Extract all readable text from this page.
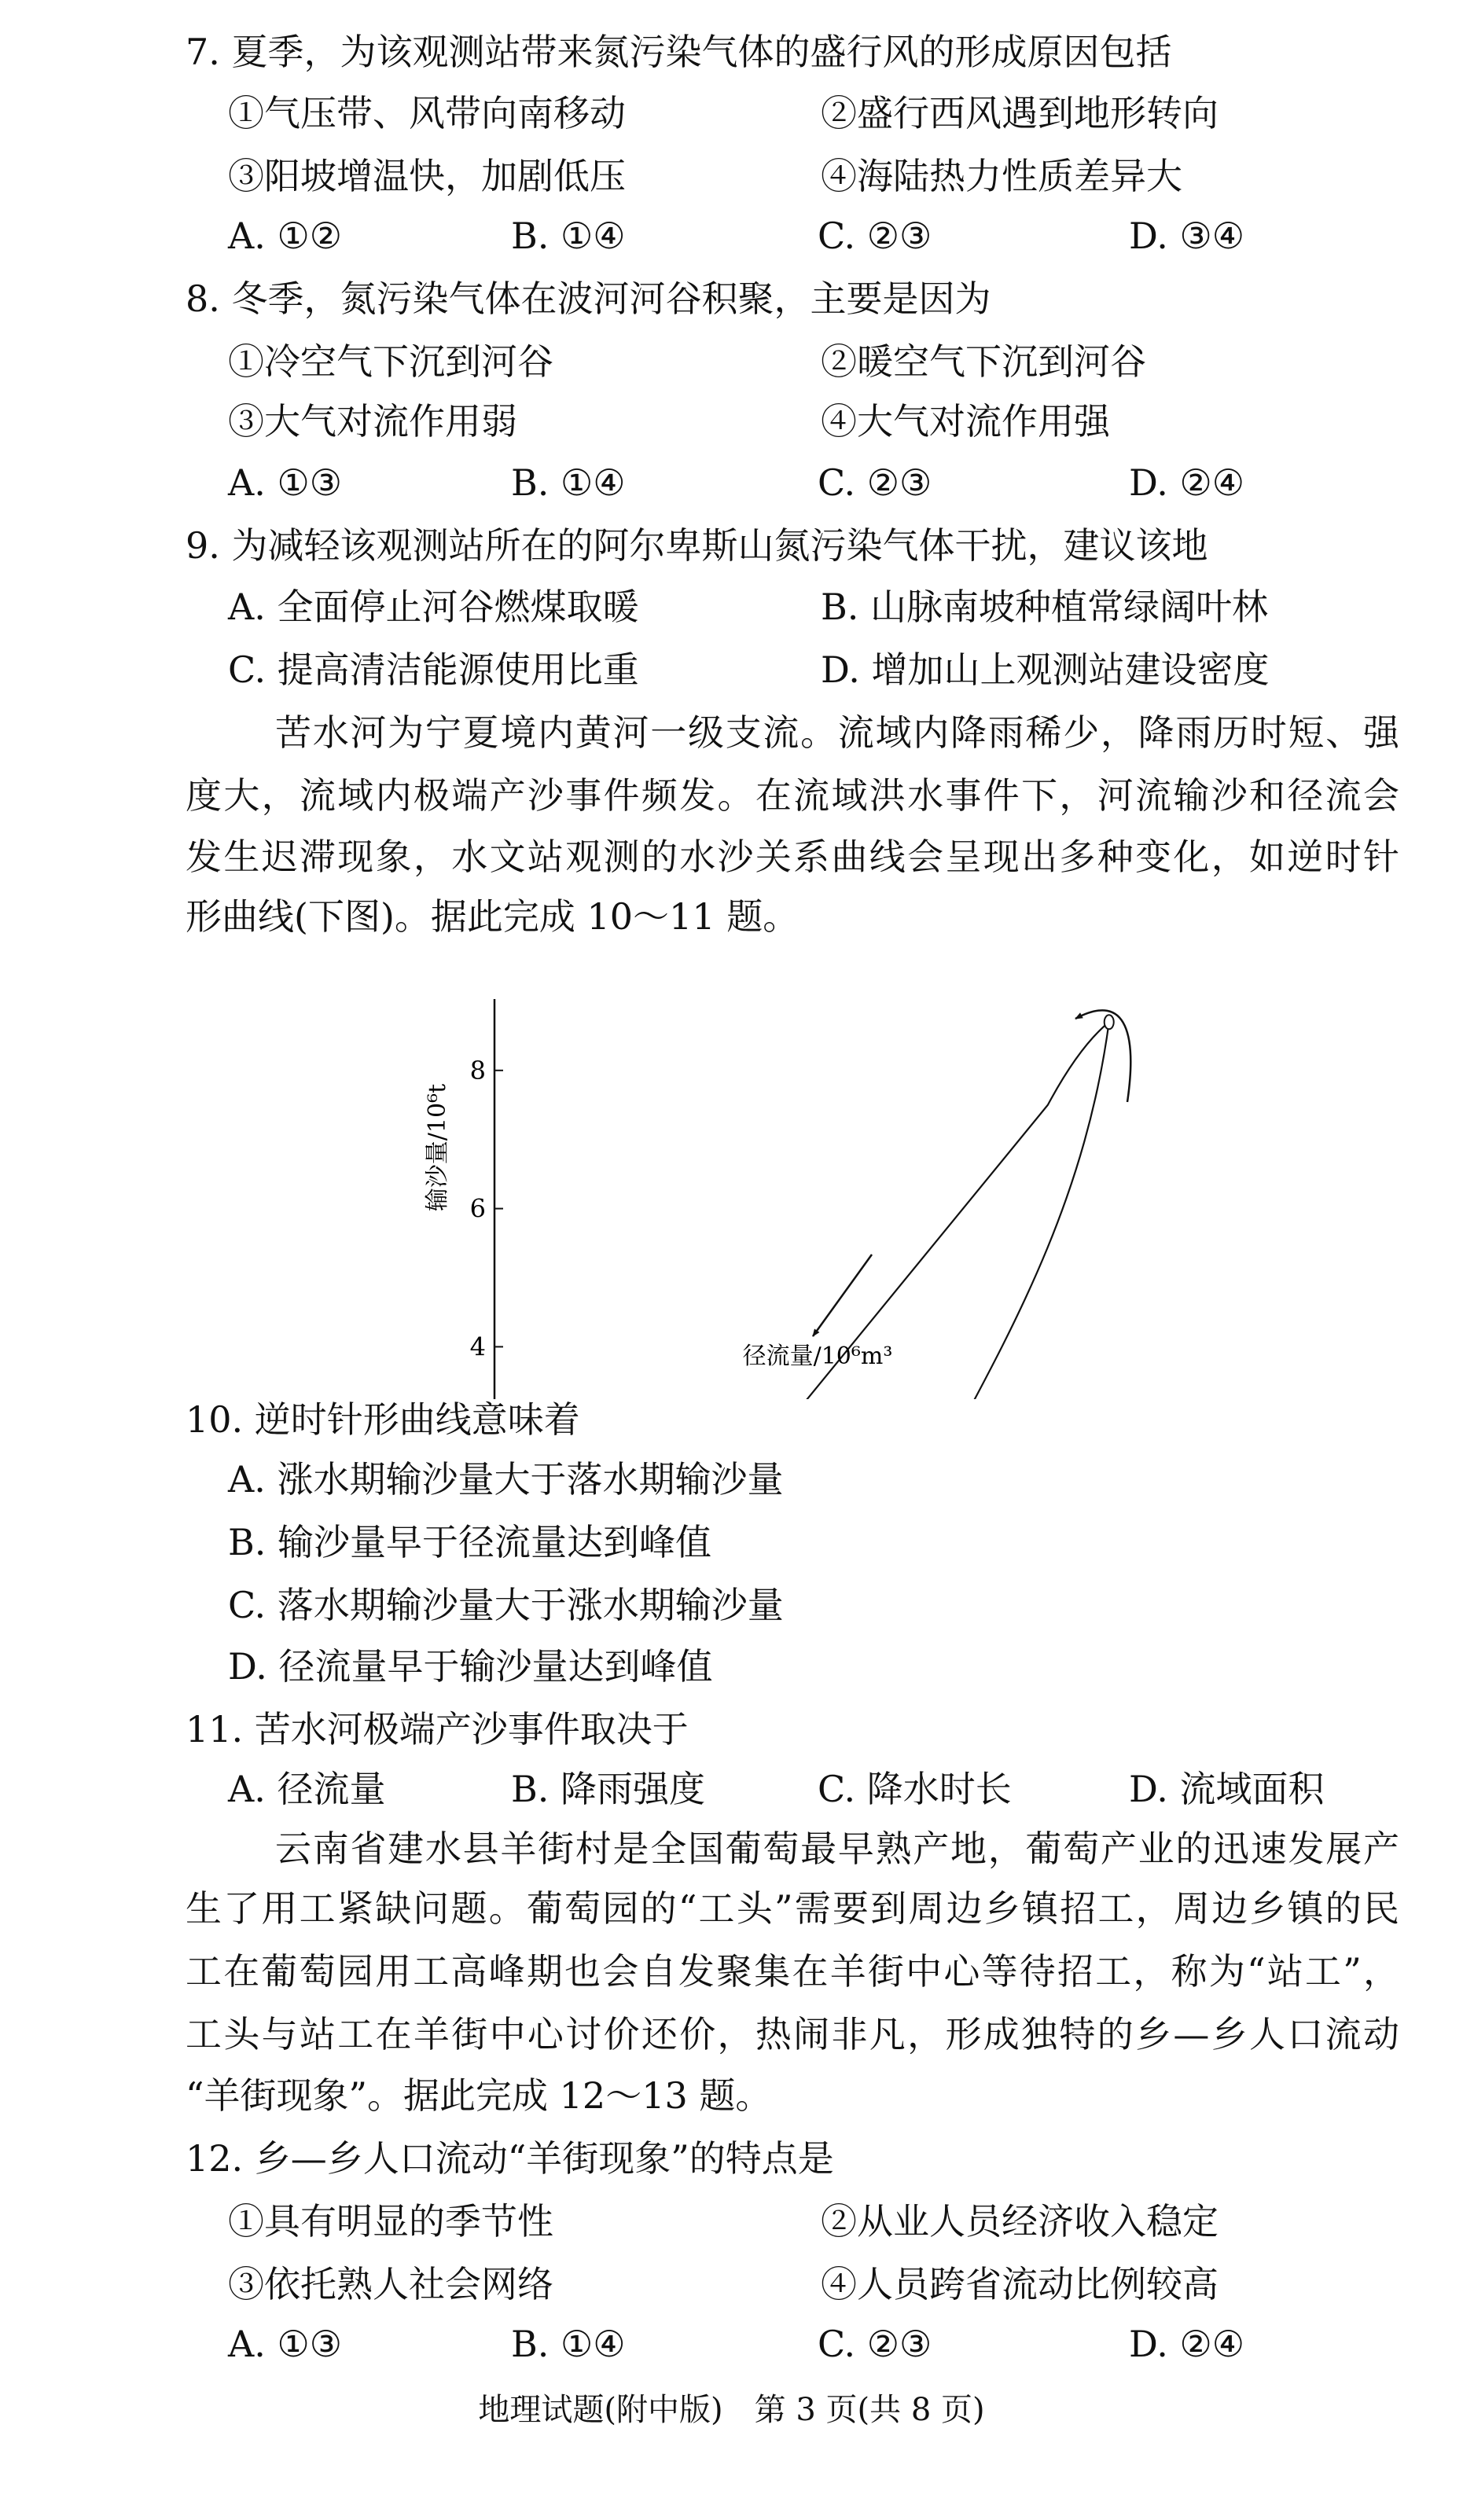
7. 夏季，为该观测站带来氮污染气体的盛行风的形成原因包括
①气压带、风带向南移动	②盛行西风遇到地形转向
③阳坡增温快，加剧低压	④海陆热力性质差异大
A. ①②	B. ①④	C. ②③	D. ③④
8. 冬季，氮污染气体在波河河谷积聚，主要是因为
①冷空气下沉到河谷	②暖空气下沉到河谷
③大气对流作用弱	④大气对流作用强
A. ①③	B. ①④	C. ②③	D. ②④
9. 为减轻该观测站所在的阿尔卑斯山氮污染气体干扰，建议该地
A. 全面停止河谷燃煤取暖	B. 山脉南坡种植常绿阔叶林
C. 提高清洁能源使用比重	D. 增加山上观测站建设密度
苦水河为宁夏境内黄河一级支流。流域内降雨稀少，降雨历时短、强
度大，流域内极端产沙事件频发。在流域洪水事件下，河流输沙和径流会
发生迟滞现象，水文站观测的水沙关系曲线会呈现出多种变化，如逆时针
形曲线(下图)。据此完成 10～11 题。
4
6
8
输沙量/10⁶t
径流量/10⁶m³
10. 逆时针形曲线意味着
A. 涨水期输沙量大于落水期输沙量
B. 输沙量早于径流量达到峰值
C. 落水期输沙量大于涨水期输沙量
D. 径流量早于输沙量达到峰值
11. 苦水河极端产沙事件取决于
A. 径流量	B. 降雨强度	C. 降水时长	D. 流域面积
云南省建水县羊街村是全国葡萄最早熟产地，葡萄产业的迅速发展产
生了用工紧缺问题。葡萄园的“工头”需要到周边乡镇招工，周边乡镇的民
工在葡萄园用工高峰期也会自发聚集在羊街中心等待招工，称为“站工”，
工头与站工在羊街中心讨价还价，热闹非凡，形成独特的乡—乡人口流动
“羊街现象”。据此完成 12～13 题。
12. 乡—乡人口流动“羊街现象”的特点是
①具有明显的季节性	②从业人员经济收入稳定
③依托熟人社会网络	④人员跨省流动比例较高
A. ①③	B. ①④	C. ②③	D. ②④
地理试题(附中版)　第 3 页(共 8 页)
